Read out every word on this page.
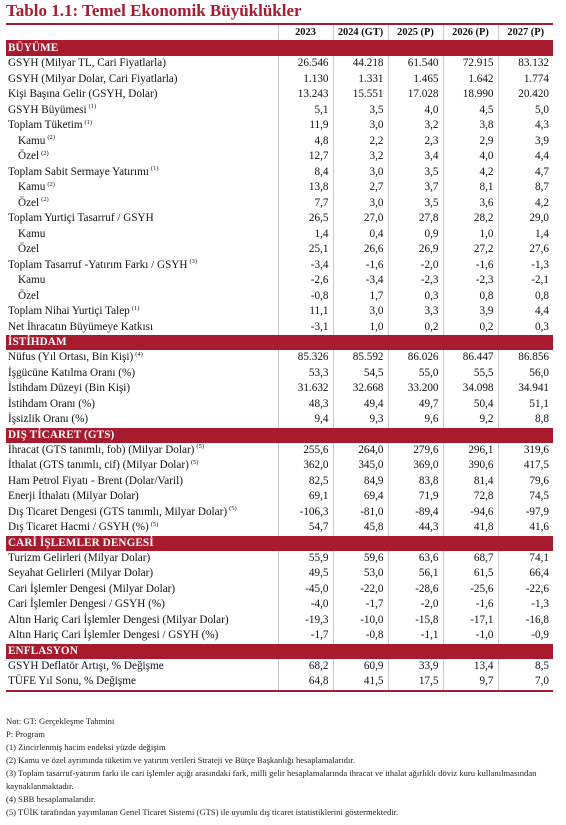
Tablo 1.1: Temel Ekonomik Büyüklükler
	2023	2024 (GT)	2025 (P)	2026 (P)	2027 (P)
BÜYÜME					
GSYH (Milyar TL, Cari Fiyatlarla)	26.546	44.218	61.540	72.915	83.132
GSYH (Milyar Dolar, Cari Fiyatlarla)	1.130	1.331	1.465	1.642	1.774
Kişi Başına Gelir (GSYH, Dolar)	13.243	15.551	17.028	18.990	20.420
GSYH Büyümesi $^{(1)}$	5,1	3,5	4,0	4,5	5,0
Toplam Tüketim $^{(1)}$	11,9	3,0	3,2	3,8	4,3
Kamu $^{(2)}$	4,8	2,2	2,3	2,9	3,9
Özel $^{(2)}$	12,7	3,2	3,4	4,0	4,4
Toplam Sabit Sermaye Yatırımı $^{(1)}$	8,4	3,0	3,5	4,2	4,7
Kamu $^{(2)}$	13,8	2,7	3,7	8,1	8,7
Özel $^{(2)}$	7,7	3,0	3,5	3,6	4,2
Toplam Yurtiçi Tasarruf / GSYH	26,5	27,0	27,8	28,2	29,0
Kamu	1,4	0,4	0,9	1,0	1,4
Özel	25,1	26,6	26,9	27,2	27,6
Toplam Tasarruf -Yatırım Farkı / GSYH $^{(3)}$	-3,4	-1,6	-2,0	-1,6	-1,3
Kamu	-2,6	-3,4	-2,3	-2,3	-2,1
Özel	-0,8	1,7	0,3	0,8	0,8
Toplam Nihai Yurtiçi Talep $^{(1)}$	11,1	3,0	3,3	3,9	4,4
Net İhracatın Büyümeye Katkısı	-3,1	1,0	0,2	0,2	0,3
İSTİHDAM					
Nüfus (Yıl Ortası, Bin Kişi) $^{(4)}$	85.326	85.592	86.026	86.447	86.856
İşgücüne Katılma Oranı (%)	53,3	54,5	55,0	55,5	56,0
İstihdam Düzeyi (Bin Kişi)	31.632	32.668	33.200	34.098	34.941
İstihdam Oranı (%)	48,3	49,4	49,7	50,4	51,1
İşsizlik Oranı (%)	9,4	9,3	9,6	9,2	8,8
DIŞ TİCARET (GTS)					
İhracat (GTS tanımlı, fob) (Milyar Dolar) $^{(5)}$	255,6	264,0	279,6	296,1	319,6
İthalat (GTS tanımlı, cif) (Milyar Dolar) $^{(5)}$	362,0	345,0	369,0	390,6	417,5
Ham Petrol Fiyatı - Brent (Dolar/Varil)	82,5	84,9	83,8	81,4	79,6
Enerji İthalatı (Milyar Dolar)	69,1	69,4	71,9	72,8	74,5
Dış Ticaret Dengesi (GTS tanımlı, Milyar Dolar) $^{(5)}$	-106,3	-81,0	-89,4	-94,6	-97,9
Dış Ticaret Hacmi / GSYH (%) $^{(5)}$	54,7	45,8	44,3	41,8	41,6
CARİ İŞLEMLER DENGESİ					
Turizm Gelirleri (Milyar Dolar)	55,9	59,6	63,6	68,7	74,1
Seyahat Gelirleri (Milyar Dolar)	49,5	53,0	56,1	61,5	66,4
Cari İşlemler Dengesi (Milyar Dolar)	-45,0	-22,0	-28,6	-25,6	-22,6
Cari İşlemler Dengesi / GSYH (%)	-4,0	-1,7	-2,0	-1,6	-1,3
Altın Hariç Cari İşlemler Dengesi (Milyar Dolar)	-19,3	-10,0	-15,8	-17,1	-16,8
Altın Hariç Cari İşlemler Dengesi / GSYH (%)	-1,7	-0,8	-1,1	-1,0	-0,9
ENFLASYON					
GSYH Deflatör Artışı, % Değişme	68,2	60,9	33,9	13,4	8,5
TÜFE Yıl Sonu, % Değişme	64,8	41,5	17,5	9,7	7,0
Not: GT: Gerçekleşme Tahmini
P: Program
(1) Zincirlenmiş hacim endeksi yüzde değişim
(2) Kamu ve özel ayrımında tüketim ve yatırım verileri Strateji ve Bütçe Başkanlığı hesaplamalarıdır.
(3) Toplam tasarruf-yatırım farkı ile cari işlemler açığı arasındaki fark, milli gelir hesaplamalarında ihracat ve ithalat ağırlıklı döviz kuru kullanılmasından kaynaklanmaktadır.
(4) SBB hesaplamalarıdır.
(5) TÜİK tarafından yayımlanan Genel Ticaret Sistemi (GTS) ile uyumlu dış ticaret istatistiklerini göstermektedir.
